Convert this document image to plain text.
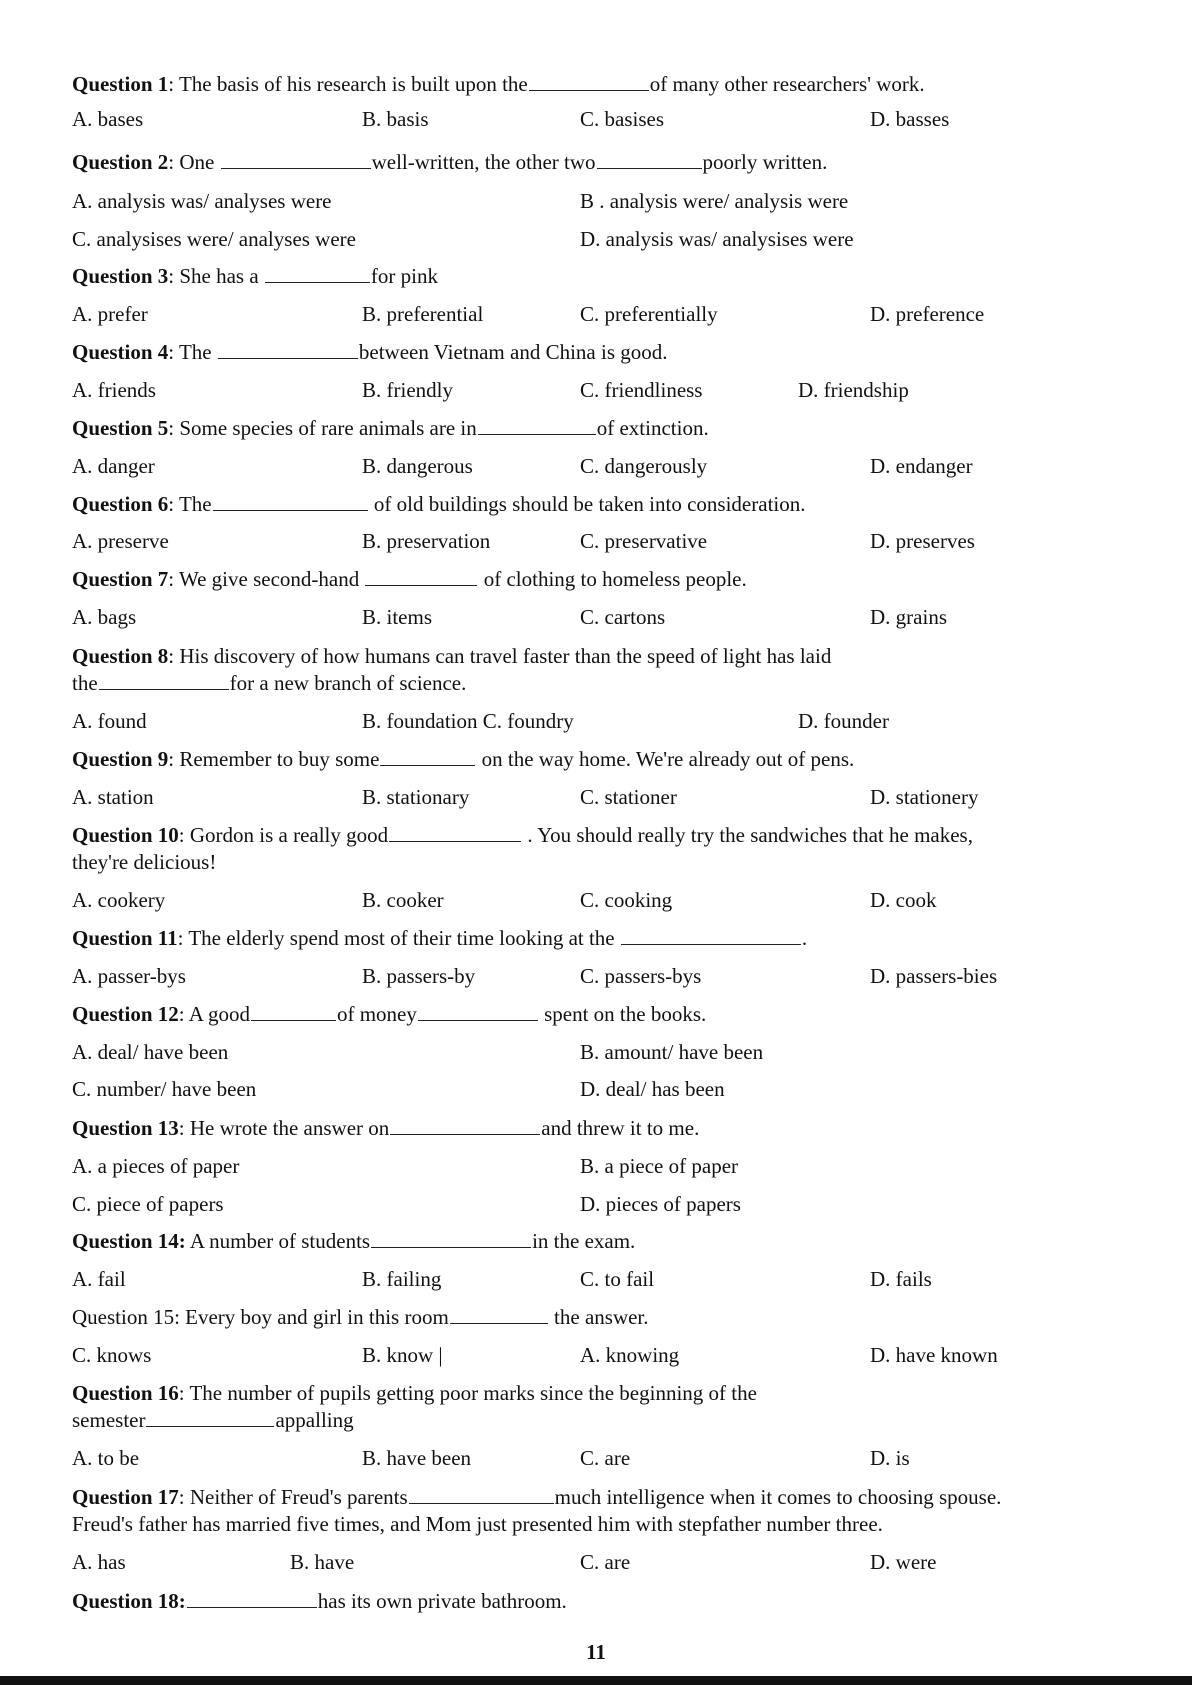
Question 1: The basis of his research is built upon the	of many other researchers' work.
A. bases	B. basis	C. basises	D. basses
Question 2: One	well-written, the other two	poorly written.
A. analysis was/ analyses were	B . analysis were/ analysis were
C. analysises were/ analyses were	D. analysis was/ analysises were
Question 3: She has a	for pink
A. prefer	B. preferential	C. preferentially	D. preference
Question 4: The	between Vietnam and China is good.
A. friends	B. friendly	C. friendliness	D. friendship
Question 5: Some species of rare animals are in	of extinction.
A. danger	B. dangerous	C. dangerously	D. endanger
Question 6: The	of old buildings should be taken into consideration.
A. preserve	B. preservation	C. preservative	D. preserves
Question 7: We give second-hand	of clothing to homeless people.
A. bags	B. items	C. cartons	D. grains
Question 8: His discovery of how humans can travel faster than the speed of light has laid
the	for a new branch of science.
A. found	B. foundation C. foundry	D. founder
Question 9: Remember to buy some	on the way home. We're already out of pens.
A. station	B. stationary	C. stationer	D. stationery
Question 10: Gordon is a really good	. You should really try the sandwiches that he makes,
they're delicious!
A. cookery	B. cooker	C. cooking	D. cook
Question 11: The elderly spend most of their time looking at the	.
A. passer-bys	B. passers-by	C. passers-bys	D. passers-bies
Question 12: A good	of money	spent on the books.
A. deal/ have been	B. amount/ have been
C. number/ have been	D. deal/ has been
Question 13: He wrote the answer on	and threw it to me.
A. a pieces of paper	B. a piece of paper
C. piece of papers	D. pieces of papers
Question 14: A number of students	in the exam.
A. fail	B. failing	C. to fail	D. fails
Question 15: Every boy and girl in this room	the answer.
C. knows	B. know |	A. knowing	D. have known
Question 16: The number of pupils getting poor marks since the beginning of the
semester	appalling
A. to be	B. have been	C. are	D. is
Question 17: Neither of Freud's parents	much intelligence when it comes to choosing spouse.
Freud's father has married five times, and Mom just presented him with stepfather number three.
A. has	B. have	C. are	D. were
Question 18:	has its own private bathroom.
11
